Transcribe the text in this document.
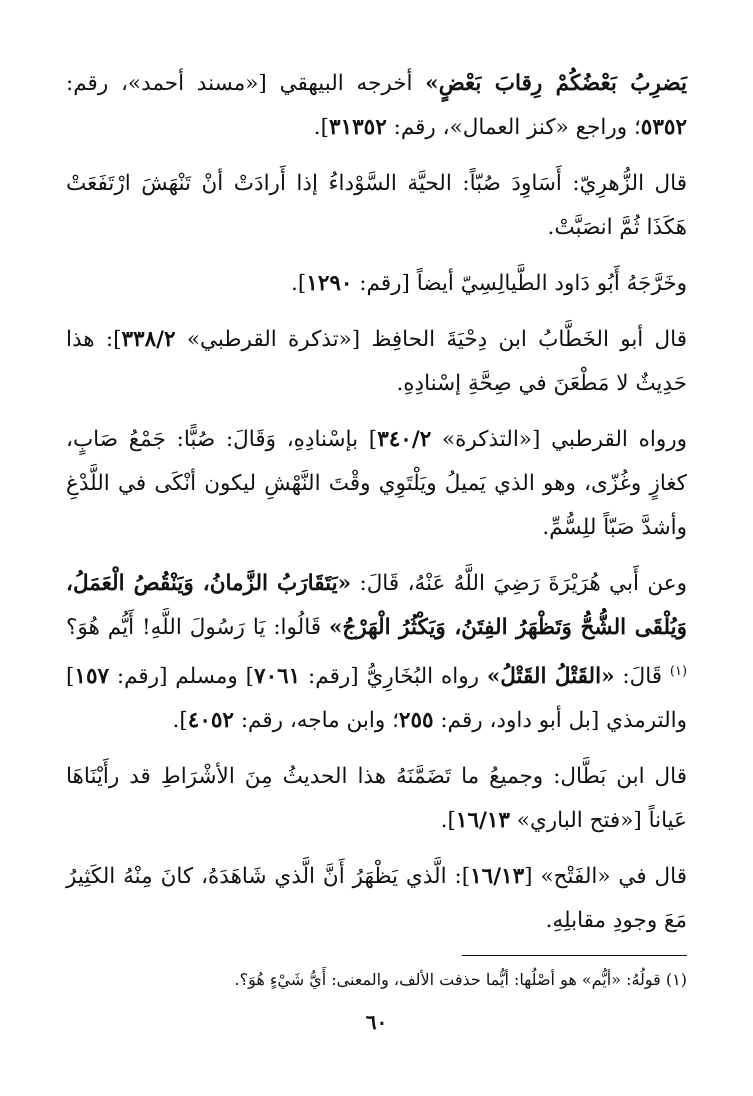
يَضرِبُ بَعْضُكُمْ رِقابَ بَعْضٍ» أخرجه البيهقي [«مسند أحمد»، رقم: ٥٣٥٢؛ وراجع «كنز العمال»، رقم: ٣١٣٥٢].

قال الزُّهرِيّ: أَسَاوِدَ صُبّاً: الحيَّة السَّوْداءُ إذا أَرادَتْ أنْ تَنْهَشَ ارْتَفَعَتْ هَكَذَا ثُمَّ انصَبَّتْ.

وخَرَّجَهُ أَبُو دَاود الطَّيالِسِيّ أيضاً [رقم: ١٢٩٠].

قال أبو الخَطَّابُ ابن دِحْيَةَ الحافِظ [«تذكرة القرطبي» ٣٣٨/٢]: هذا حَدِيثٌ لا مَطْعَنَ في صِحَّةِ إسْنادِهِ.

ورواه القرطبي [«التذكرة» ٣٤٠/٢] بإسْنادِهِ، وَقَالَ: صُبًّا: جَمْعُ صَابٍ، كغازٍ وغُزّى، وهو الذي يَميلُ ويَلْتَوِي وقْتَ النَّهْشِ ليكون أنْكَى في اللَّدْغِ وأشدَّ صَبّاً للِسُّمِّ.

وعن أَبي هُرَيْرَةَ رَضِيَ اللَّهُ عَنْهُ، قَالَ: «يَتَقَارَبُ الزَّمانُ، وَيَنْقُصُ الْعَمَلُ، وَيُلْقَى الشُّحُّ وَتَظْهَرُ الفِتَنُ، وَيَكْثُرُ الْهَرْجُ» قَالُوا: يَا رَسُولَ اللَّهِ! أَيُّم هُوَ؟$^{(١)}$ قَالَ: «القَتْلُ القَتْلُ» رواه البُخَارِيُّ [رقم: ٧٠٦١] ومسلم [رقم: ١٥٧] والترمذي [بل أبو داود، رقم: ٢٥٥؛ وابن ماجه، رقم: ٤٠٥٢].

قال ابن بَطَّال: وجميعُ ما تَضَمَّنَهُ هذا الحديثُ مِنَ الأشْرَاطِ قد رأَيْنَاهَا عَياناً [«فتح الباري» ١٦/١٣].

قال في «الفَتْح» [١٦/١٣]: الَّذي يَظْهَرُ أَنَّ الَّذي شَاهَدَهُ، كانَ مِنْهُ الكَثِيرُ مَعَ وجودِ مقابلِهِ.

(١) قولُهُ: «أيُّم» هو أصْلُها: أيُّما حذفت الألف، والمعنى: أَيُّ شَيْءٍ هُوَ؟.

٦٠
